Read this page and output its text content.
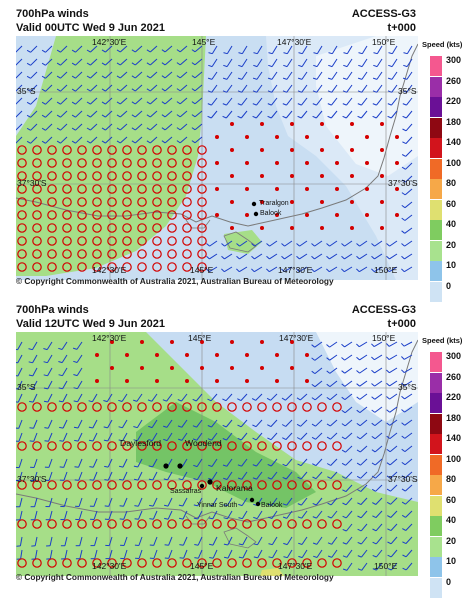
700hPa winds
Valid 00UTC Wed 9 Jun 2021
ACCESS-G3
t+000
Traralgon
Balook
142°30'E	145°E	147°30'E	150°E
142°30'E	145°E	147°30'E	150°E
35°S
37°30'S
35°S
37°30'S
© Copyright Commonwealth of Australia 2021, Australian Bureau of Meteorology
Speed (kts)
300
260
220
180
140
100
80
60
40
20
10
0
700hPa winds
Valid 12UTC Wed 9 Jun 2021
ACCESS-G3
t+000
Daylesford	Woodend
Sassafras Kalorama
Yinnar South	Balook
142°30'E	145°E	147°30'E	150°E
142°30'E	145°E	147°30'E	150°E
35°S
37°30'S
35°S
37°30'S
© Copyright Commonwealth of Australia 2021, Australian Bureau of Meteorology
Speed (kts)
300
260
220
180
140
100
80
60
40
20
10
0
